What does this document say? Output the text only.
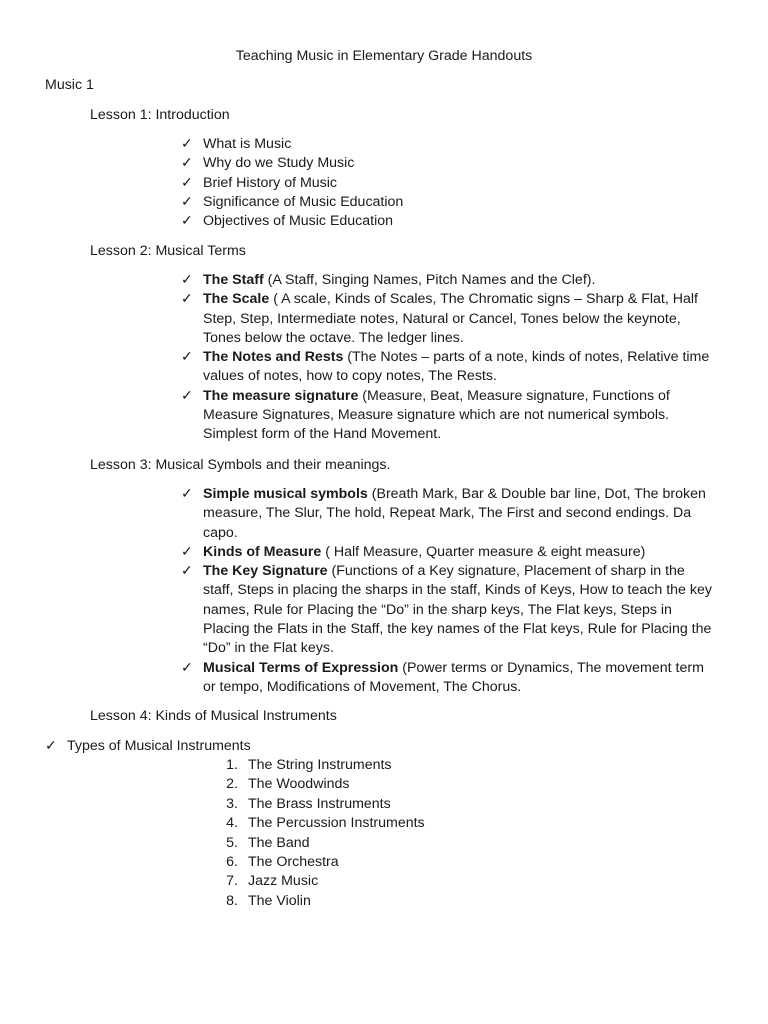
Teaching Music in Elementary Grade Handouts
Music 1
Lesson 1: Introduction
✓ What is Music
✓ Why do we Study Music
✓ Brief History of Music
✓ Significance of Music Education
✓ Objectives of Music Education
Lesson 2: Musical Terms
✓ The Staff (A Staff, Singing Names, Pitch Names and the Clef).
✓ The Scale ( A scale, Kinds of Scales, The Chromatic signs – Sharp & Flat, Half Step, Step, Intermediate notes, Natural or Cancel, Tones below the keynote, Tones below the octave. The ledger lines.
✓ The Notes and Rests (The Notes – parts of a note, kinds of notes, Relative time values of notes, how to copy notes, The Rests.
✓ The measure signature (Measure, Beat, Measure signature, Functions of Measure Signatures, Measure signature which are not numerical symbols. Simplest form of the Hand Movement.
Lesson 3: Musical Symbols and their meanings.
✓ Simple musical symbols (Breath Mark, Bar & Double bar line, Dot, The broken measure, The Slur, The hold, Repeat Mark, The First and second endings. Da capo.
✓ Kinds of Measure ( Half Measure, Quarter measure & eight measure)
✓ The Key Signature (Functions of a Key signature, Placement of sharp in the staff, Steps in placing the sharps in the staff, Kinds of Keys, How to teach the key names, Rule for Placing the “Do” in the sharp keys, The Flat keys, Steps in Placing the Flats in the Staff, the key names of the Flat keys, Rule for Placing the “Do” in the Flat keys.
✓ Musical Terms of Expression (Power terms or Dynamics, The movement term or tempo, Modifications of Movement, The Chorus.
Lesson 4: Kinds of Musical Instruments
✓ Types of Musical Instruments
1. The String Instruments
2. The Woodwinds
3. The Brass Instruments
4. The Percussion Instruments
5. The Band
6. The Orchestra
7. Jazz Music
8. The Violin
